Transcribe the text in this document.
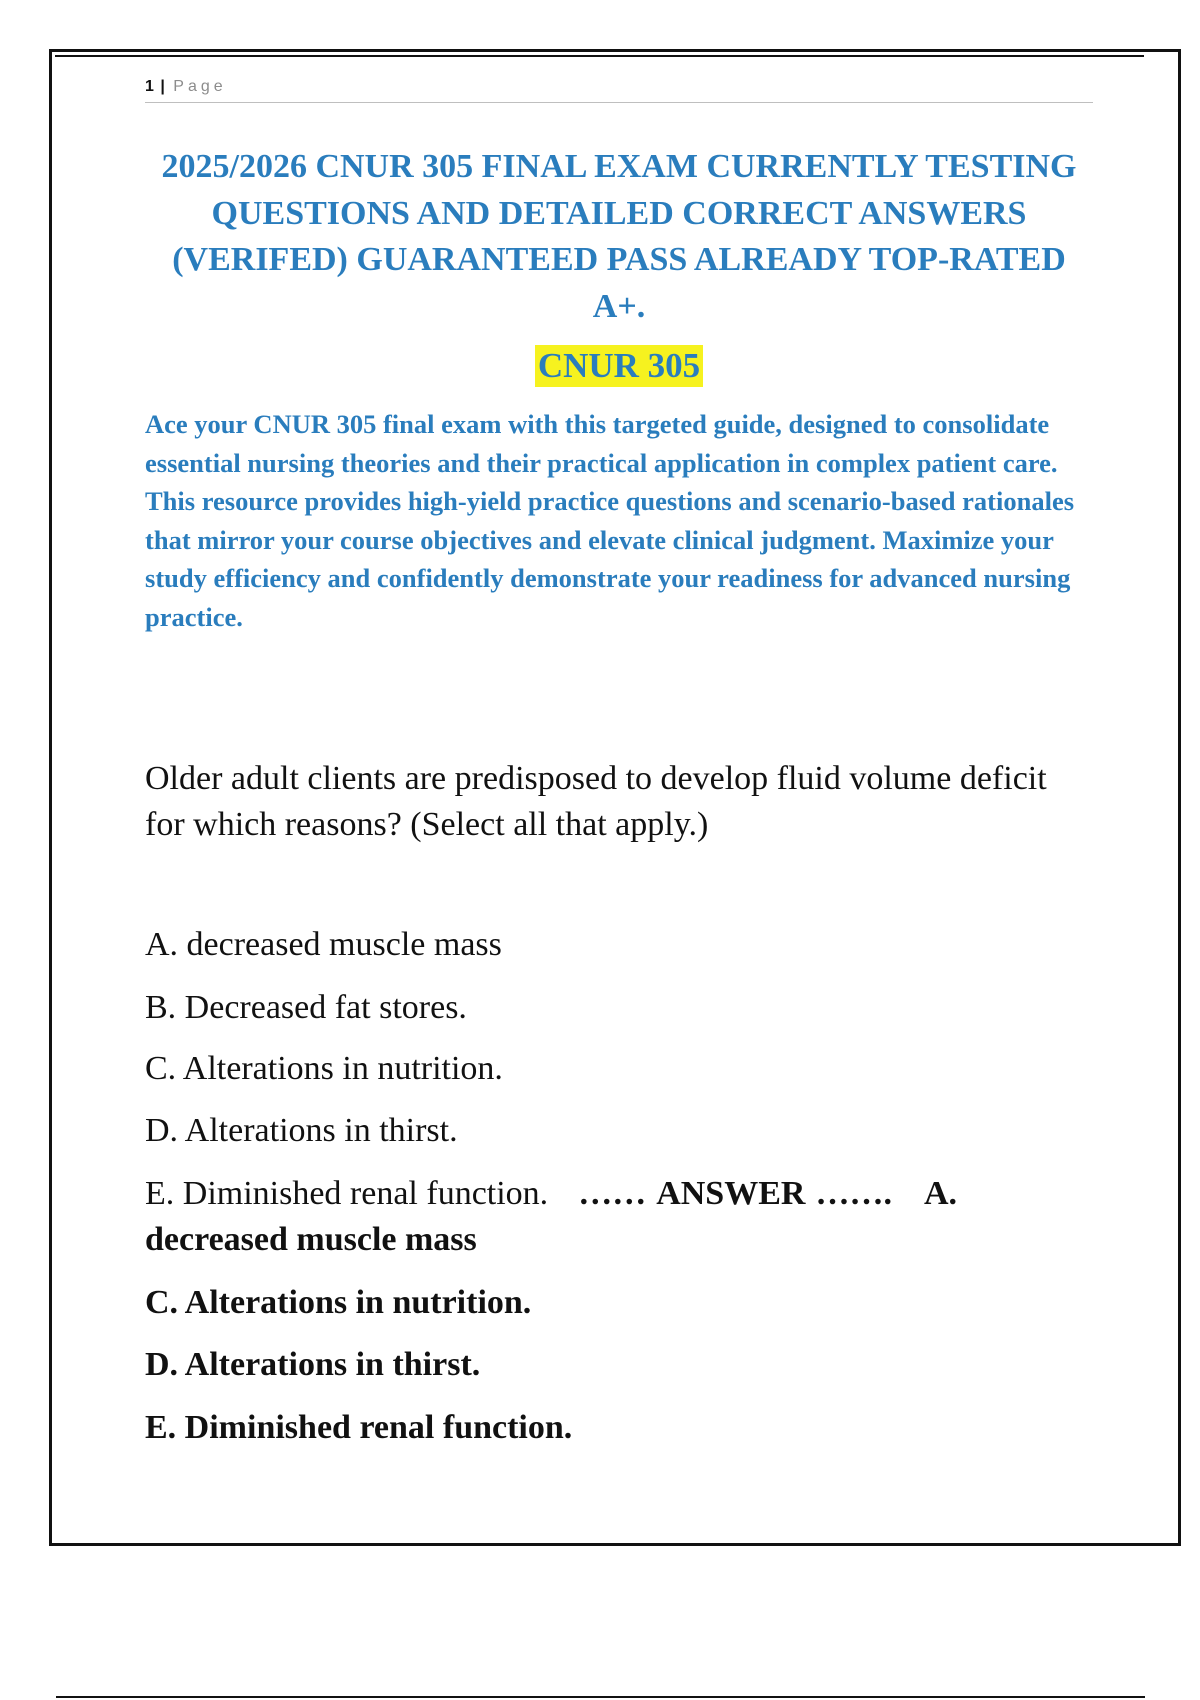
1 | Page
2025/2026 CNUR 305 FINAL EXAM CURRENTLY TESTING QUESTIONS AND DETAILED CORRECT ANSWERS (VERIFED) GUARANTEED PASS ALREADY TOP-RATED A+.
CNUR 305

Ace your CNUR 305 final exam with this targeted guide, designed to consolidate essential nursing theories and their practical application in complex patient care. This resource provides high-yield practice questions and scenario-based rationales that mirror your course objectives and elevate clinical judgment. Maximize your study efficiency and confidently demonstrate your readiness for advanced nursing practice.

Older adult clients are predisposed to develop fluid volume deficit for which reasons? (Select all that apply.)

A. decreased muscle mass

B. Decreased fat stores.

C. Alterations in nutrition.

D. Alterations in thirst.

E. Diminished renal function. …… ANSWER ……. A.

decreased muscle mass

C. Alterations in nutrition.

D. Alterations in thirst.

E. Diminished renal function.
